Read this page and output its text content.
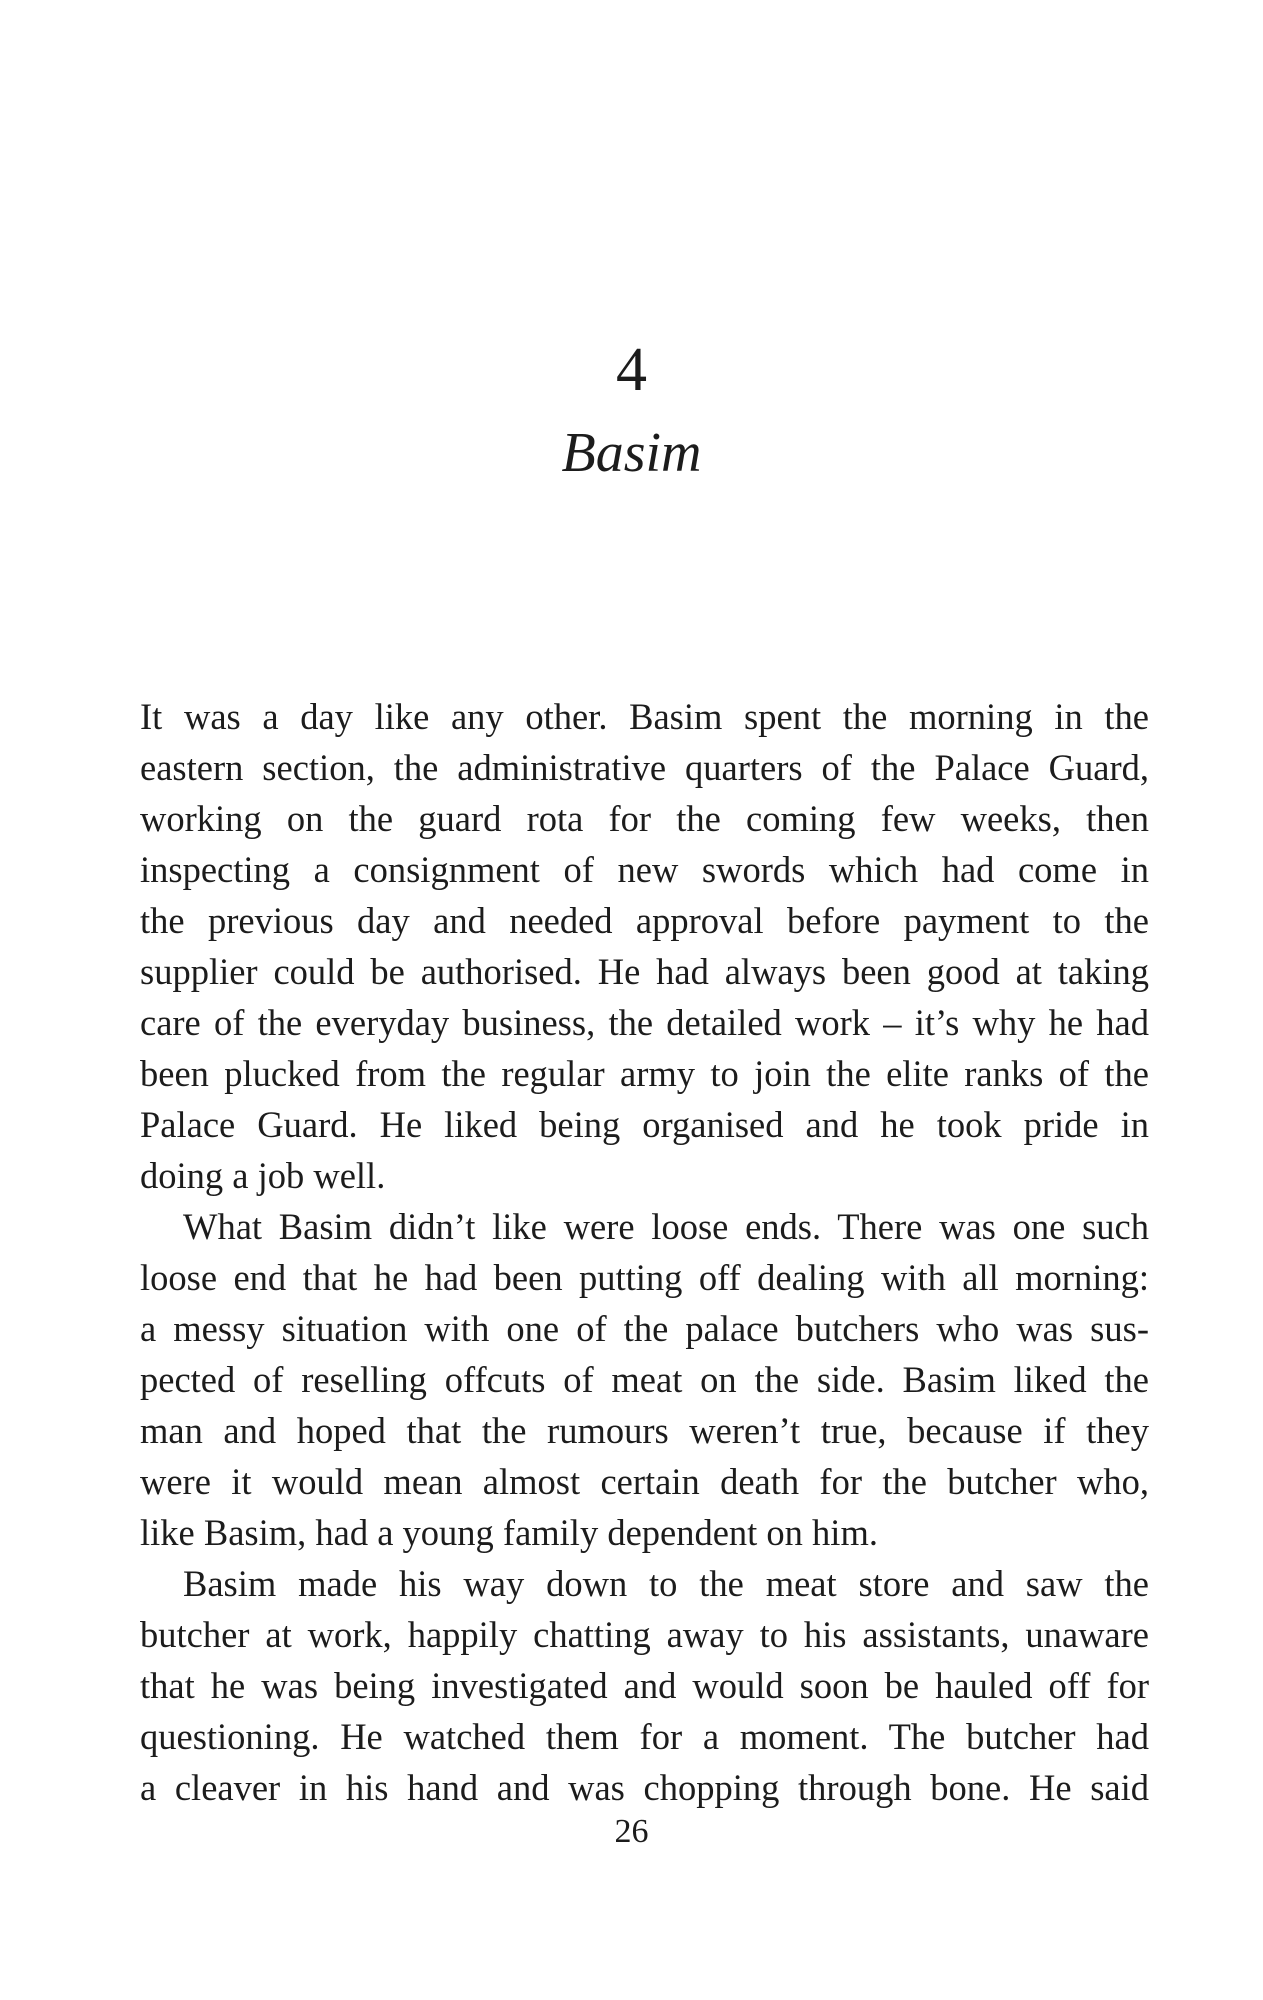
4
Basim
It was a day like any other. Basim spent the morning in the
eastern section, the administrative quarters of the Palace Guard,
working on the guard rota for the coming few weeks, then
inspecting a consignment of new swords which had come in
the previous day and needed approval before payment to the
supplier could be authorised. He had always been good at taking
care of the everyday business, the detailed work – it’s why he had
been plucked from the regular army to join the elite ranks of the
Palace Guard. He liked being organised and he took pride in
doing a job well.
What Basim didn’t like were loose ends. There was one such
loose end that he had been putting off dealing with all morning:
a messy situation with one of the palace butchers who was sus-
pected of reselling offcuts of meat on the side. Basim liked the
man and hoped that the rumours weren’t true, because if they
were it would mean almost certain death for the butcher who,
like Basim, had a young family dependent on him.
Basim made his way down to the meat store and saw the
butcher at work, happily chatting away to his assistants, unaware
that he was being investigated and would soon be hauled off for
questioning. He watched them for a moment. The butcher had
a cleaver in his hand and was chopping through bone. He said
26
